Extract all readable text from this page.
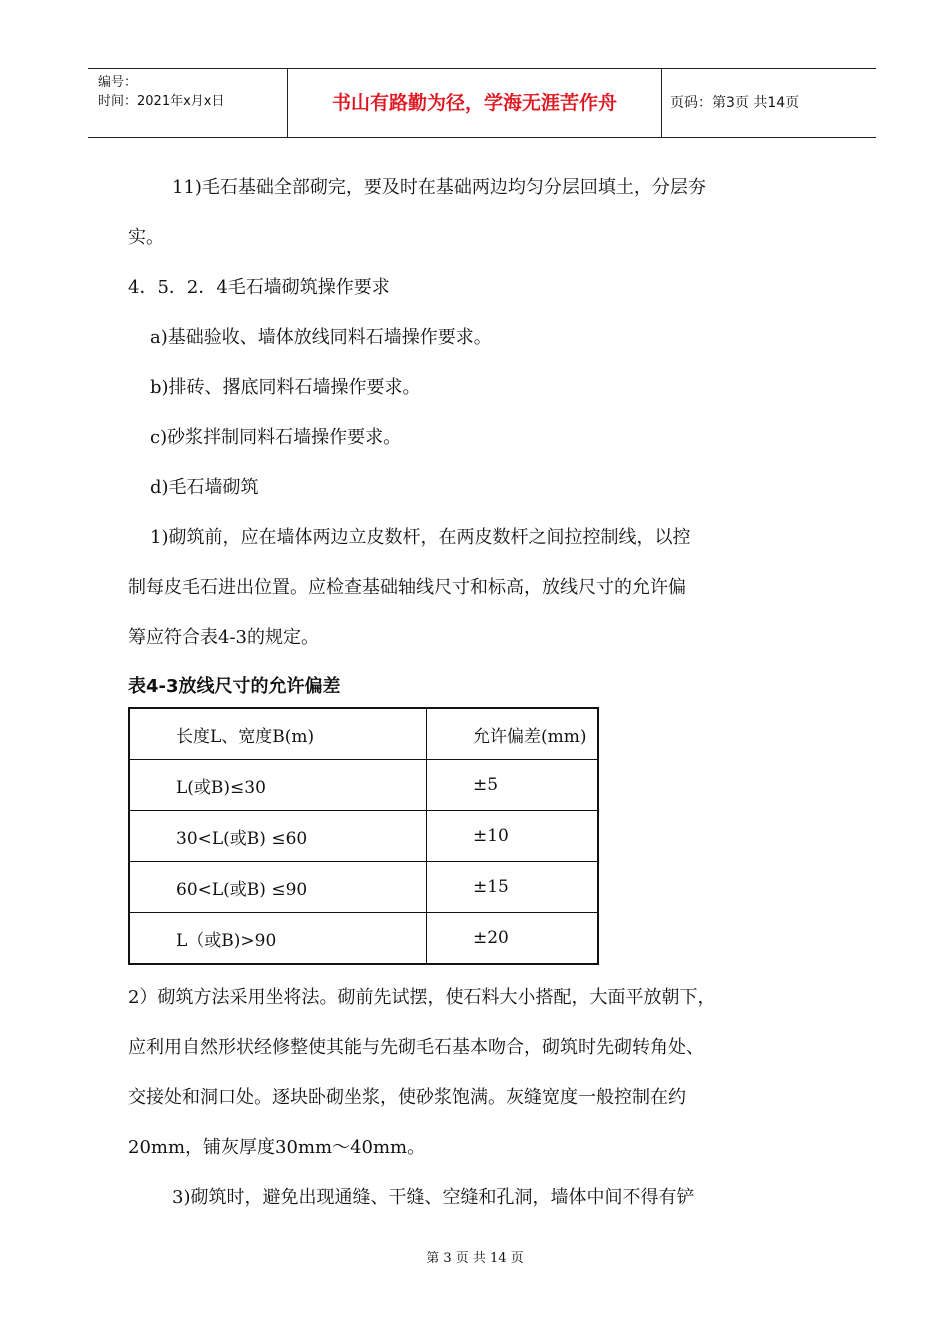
编号：
时间：2021年x月x日	书山有路勤为径，学海无涯苦作舟	页码：第3页 共14页
11)毛石基础全部砌完，要及时在基础两边均匀分层回填土，分层夯
实。
4．5．2．4毛石墙砌筑操作要求
a)基础验收、墙体放线同料石墙操作要求。
b)排砖、撂底同料石墙操作要求。
c)砂浆拌制同料石墙操作要求。
d)毛石墙砌筑
1)砌筑前，应在墙体两边立皮数杆，在两皮数杆之间拉控制线，以控
制每皮毛石进出位置。应检查基础轴线尺寸和标高，放线尺寸的允许偏
筹应符合表4-3的规定。
表4-3放线尺寸的允许偏差
长度L、宽度B(m)	允许偏差(mm)
L(或B)≤30	±5
30<L(或B) ≤60	±10
60<L(或B) ≤90	±15
L（或B)>90	±20
2）砌筑方法采用坐将法。砌前先试摆，使石料大小搭配，大面平放朝下，
应利用自然形状经修整使其能与先砌毛石基本吻合，砌筑时先砌转角处、
交接处和洞口处。逐块卧砌坐浆，使砂浆饱满。灰缝宽度一般控制在约
20mm，铺灰厚度30mm～40mm。
3)砌筑时，避免出现通缝、干缝、空缝和孔洞，墙体中间不得有铲
第 3 页 共 14 页
